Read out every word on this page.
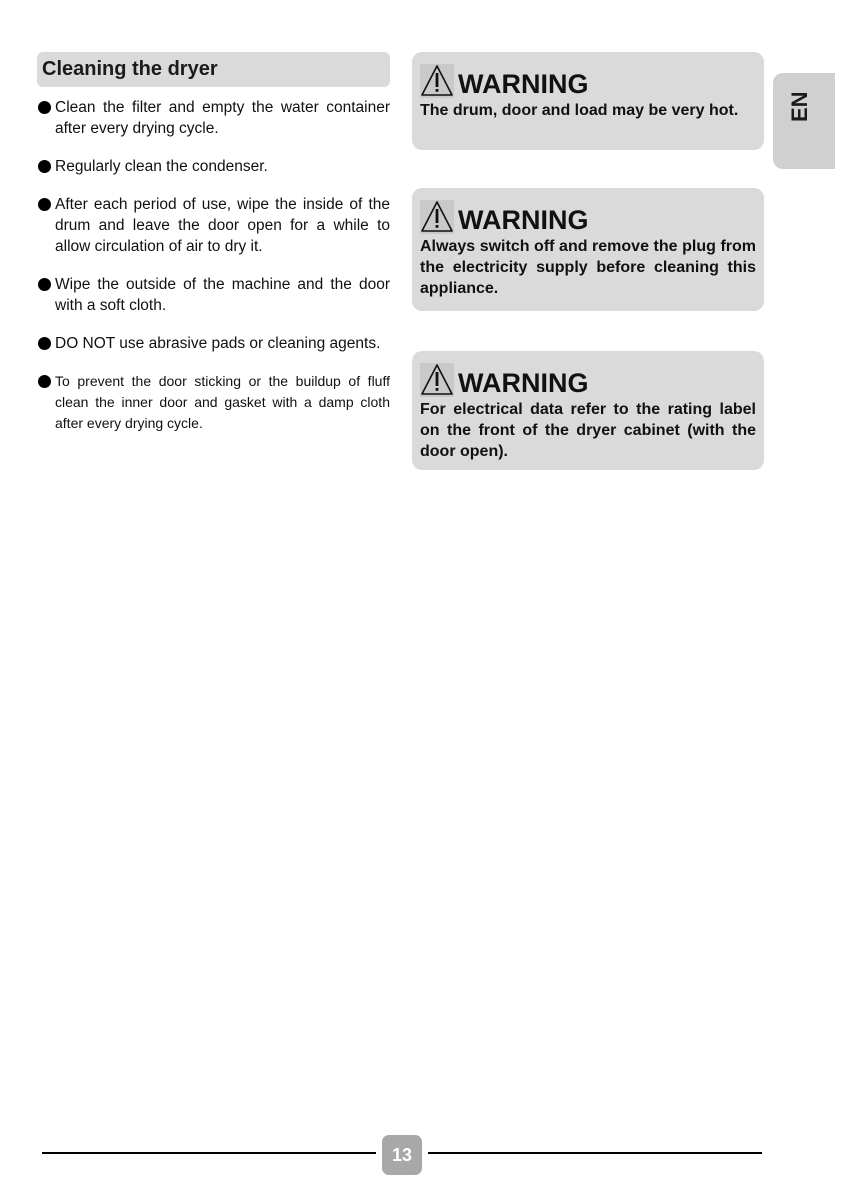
Cleaning the dryer
Clean the filter and empty the water container after every drying cycle.
Regularly clean the condenser.
After each period of use, wipe the inside of the drum and leave the door open for a while to allow circulation of air to dry it.
Wipe the outside of the machine and the door with a soft cloth.
DO NOT use abrasive pads or cleaning agents.
To prevent the door sticking or the buildup of fluff clean the inner door and gasket with a damp cloth after every drying cycle.
WARNING
The drum, door and load may be very hot.
WARNING
Always switch off and remove the plug from the electricity supply before cleaning this appliance.
WARNING
For electrical data refer to the rating label on the front of the dryer cabinet (with the door open).
EN
13
